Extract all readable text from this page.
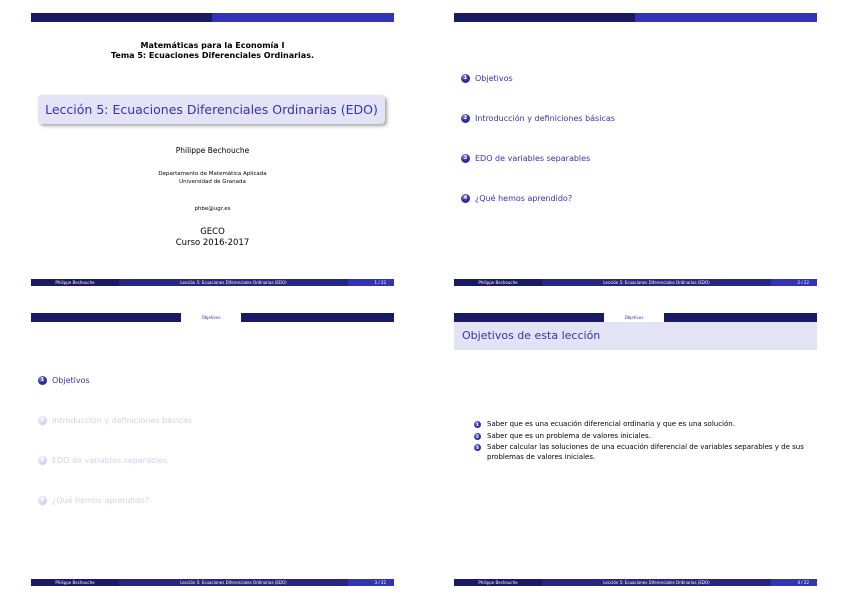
Matemáticas para la Economía I
Tema 5: Ecuaciones Diferenciales Ordinarias.
Lección 5: Ecuaciones Diferenciales Ordinarias (EDO)
Philippe Bechouche
Departamento de Matemática Aplicada
Universidad de Granada
phbe@ugr.es
GECO
Curso 2016-2017
Philippe Bechouche	Lección 5: Ecuaciones Diferenciales Ordinarias (EDO)	1 / 22
1 Objetivos
2 Introducción y definiciones básicas
3 EDO de variables separables
4 ¿Qué hemos aprendido?
Philippe Bechouche	Lección 5: Ecuaciones Diferenciales Ordinarias (EDO)	2 / 22
Objetivos
1 Objetivos
2 Introducción y definiciones básicas
3 EDO de variables separables
4 ¿Qué hemos aprendido?
Philippe Bechouche	Lección 5: Ecuaciones Diferenciales Ordinarias (EDO)	3 / 22
Objetivos
Objetivos de esta lección
1	Saber que es una ecuación diferencial ordinaria y que es una solución.
2	Saber que es un problema de valores iniciales.
3	Saber calcular las soluciones de una ecuación diferencial de variables separables y de sus problemas de valores iniciales.
Philippe Bechouche	Lección 5: Ecuaciones Diferenciales Ordinarias (EDO)	4 / 22
